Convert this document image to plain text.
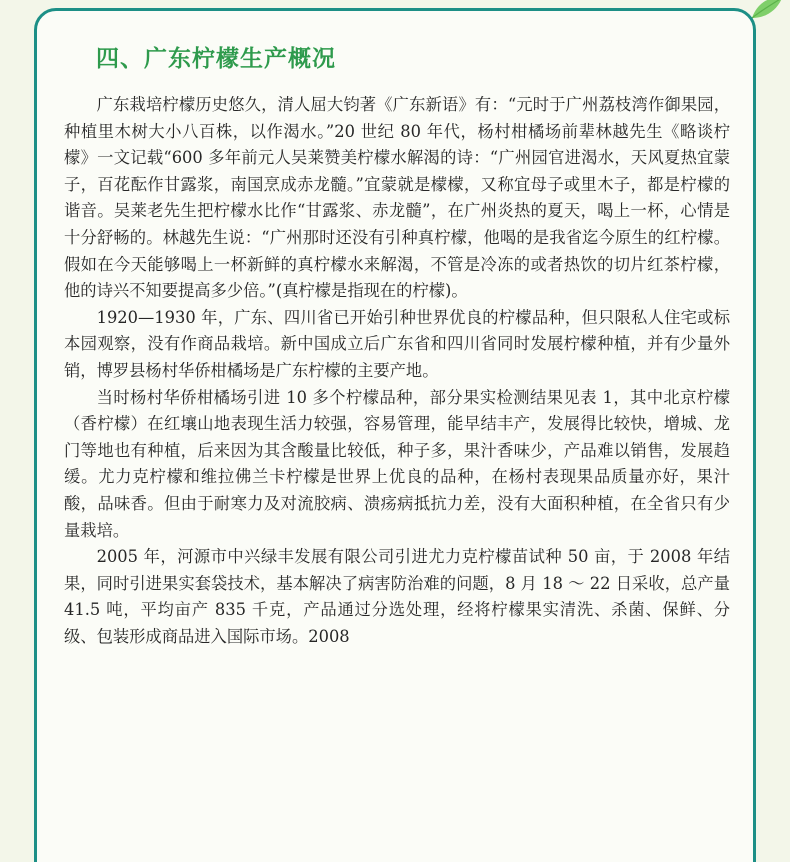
四、广东柠檬生产概况

广东栽培柠檬历史悠久，清人屈大钧著《广东新语》有：“元时于广州荔枝湾作御果园，种植里木树大小八百株，以作渴水。”20 世纪 80 年代，杨村柑橘场前辈林越先生《略谈柠檬》一文记载“600 多年前元人吴莱赞美柠檬水解渴的诗：“广州园官进渴水，天风夏热宜蒙子，百花酝作甘露浆，南国烹成赤龙髓。”宜蒙就是檬檬，又称宜母子或里木子，都是柠檬的谐音。吴莱老先生把柠檬水比作“甘露浆、赤龙髓”，在广州炎热的夏天，喝上一杯，心情是十分舒畅的。林越先生说：“广州那时还没有引种真柠檬，他喝的是我省迄今原生的红柠檬。假如在今天能够喝上一杯新鲜的真柠檬水来解渴，不管是冷冻的或者热饮的切片红茶柠檬，他的诗兴不知要提高多少倍。”(真柠檬是指现在的柠檬)。

1920—1930 年，广东、四川省已开始引种世界优良的柠檬品种，但只限私人住宅或标本园观察，没有作商品栽培。新中国成立后广东省和四川省同时发展柠檬种植，并有少量外销，博罗县杨村华侨柑橘场是广东柠檬的主要产地。

当时杨村华侨柑橘场引进 10 多个柠檬品种，部分果实检测结果见表 1，其中北京柠檬（香柠檬）在红壤山地表现生活力较强，容易管理，能早结丰产，发展得比较快，增城、龙门等地也有种植，后来因为其含酸量比较低，种子多，果汁香味少，产品难以销售，发展趋缓。尤力克柠檬和维拉佛兰卡柠檬是世界上优良的品种，在杨村表现果品质量亦好，果汁酸，品味香。但由于耐寒力及对流胶病、溃疡病抵抗力差，没有大面积种植，在全省只有少量栽培。

2005 年，河源市中兴绿丰发展有限公司引进尤力克柠檬苗试种 50 亩，于 2008 年结果，同时引进果实套袋技术，基本解决了病害防治难的问题，8 月 18 ～ 22 日采收，总产量 41.5 吨，平均亩产 835 千克，产品通过分选处理，经将柠檬果实清洗、杀菌、保鲜、分级、包装形成商品进入国际市场。2008
